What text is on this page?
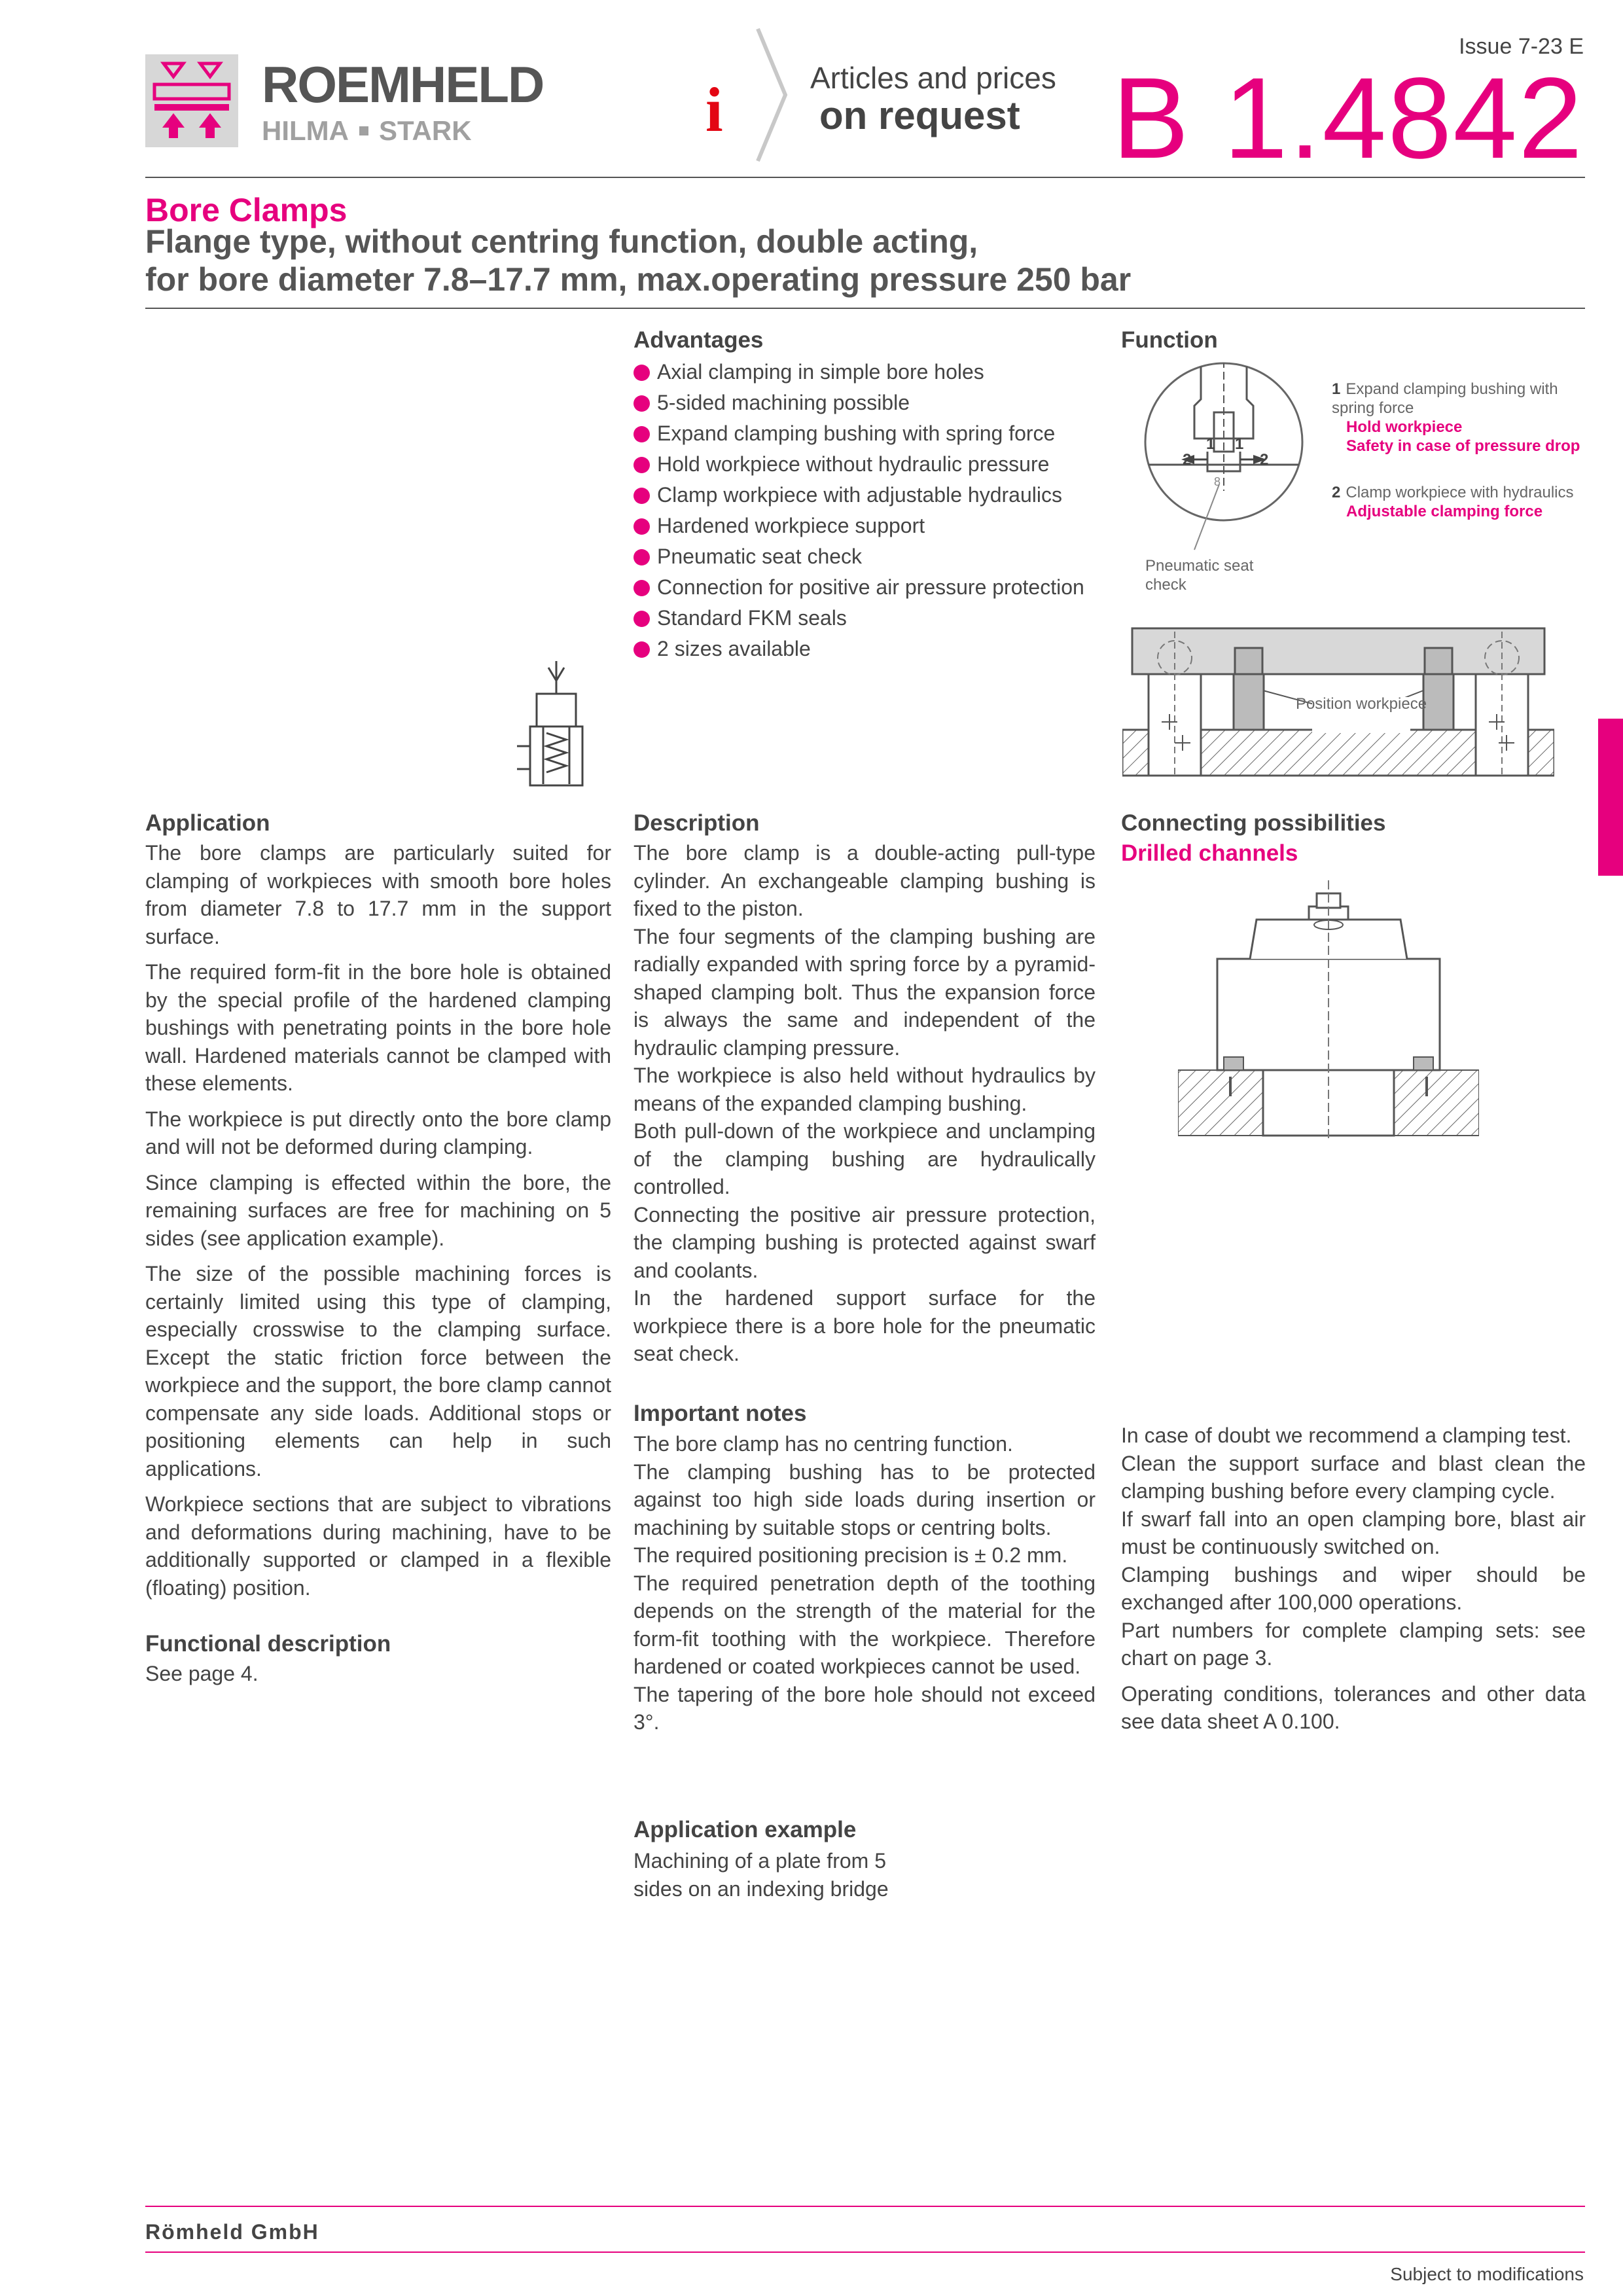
ROEMHELD
HILMA STARK	i	Articles and prices
on request
Issue 7-23 E
B 1.4842
Bore Clamps
Flange type, without centring function, double acting,
for bore diameter 7.8–17.7 mm, max.operating pressure 250 bar
Advantages
Axial clamping in simple bore holes
5-sided machining possible
Expand clamping bushing with spring force
Hold workpiece without hydraulic pressure
Clamp workpiece with adjustable hydraulics
Hardened workpiece support
Pneumatic seat check
Connection for positive air pressure protection
Standard FKM seals
2 sizes available
Function
2	2
1 1
8
Pneumatic seat check
1 Expand clamping bushing with spring force
Hold workpiece
Safety in case of pressure drop
2 Clamp workpiece with hydraulics
Adjustable clamping force
Position workpiece
Application

The bore clamps are particularly suited for clamping of workpieces with smooth bore holes from diameter 7.8 to 17.7 mm in the support surface.

The required form-fit in the bore hole is obtained by the special profile of the hardened clamping bushings with penetrating points in the bore hole wall. Hardened materials cannot be clamped with these elements.

The workpiece is put directly onto the bore clamp and will not be deformed during clamping.

Since clamping is effected within the bore, the remaining surfaces are free for machining on 5 sides (see application example).

The size of the possible machining forces is certainly limited using this type of clamping, especially crosswise to the clamping surface. Except the static friction force between the workpiece and the support, the bore clamp cannot compensate any side loads. Additional stops or positioning elements can help in such applications.

Workpiece sections that are subject to vibrations and deformations during machining, have to be additionally supported or clamped in a flexible (floating) position.

Functional description
See page 4.
Description

The bore clamp is a double-acting pull-type cylinder. An exchangeable clamping bushing is fixed to the piston.

The four segments of the clamping bushing are radially expanded with spring force by a pyramid-shaped clamping bolt. Thus the expansion force is always the same and independent of the hydraulic clamping pressure.

The workpiece is also held without hydraulics by means of the expanded clamping bushing.

Both pull-down of the workpiece and unclamping of the clamping bushing are hydraulically controlled.

Connecting the positive air pressure protection, the clamping bushing is protected against swarf and coolants.

In the hardened support surface for the workpiece there is a bore hole for the pneumatic seat check.

Important notes

The bore clamp has no centring function.

The clamping bushing has to be protected against too high side loads during insertion or machining by suitable stops or centring bolts.

The required positioning precision is ± 0.2 mm.

The required penetration depth of the toothing depends on the strength of the material for the form-fit toothing with the workpiece. Therefore hardened or coated workpieces cannot be used.

The tapering of the bore hole should not exceed 3°.

Connecting possibilities
Drilled channels

In case of doubt we recommend a clamping test.

Clean the support surface and blast clean the clamping bushing before every clamping cycle.

If swarf fall into an open clamping bore, blast air must be continuously switched on.

Clamping bushings and wiper should be exchanged after 100,000 operations.

Part numbers for complete clamping sets: see chart on page 3.

Operating conditions, tolerances and other data see data sheet A 0.100.

Application example
Machining of a plate from 5
sides on an indexing bridge
Römheld GmbH
Subject to modifications
